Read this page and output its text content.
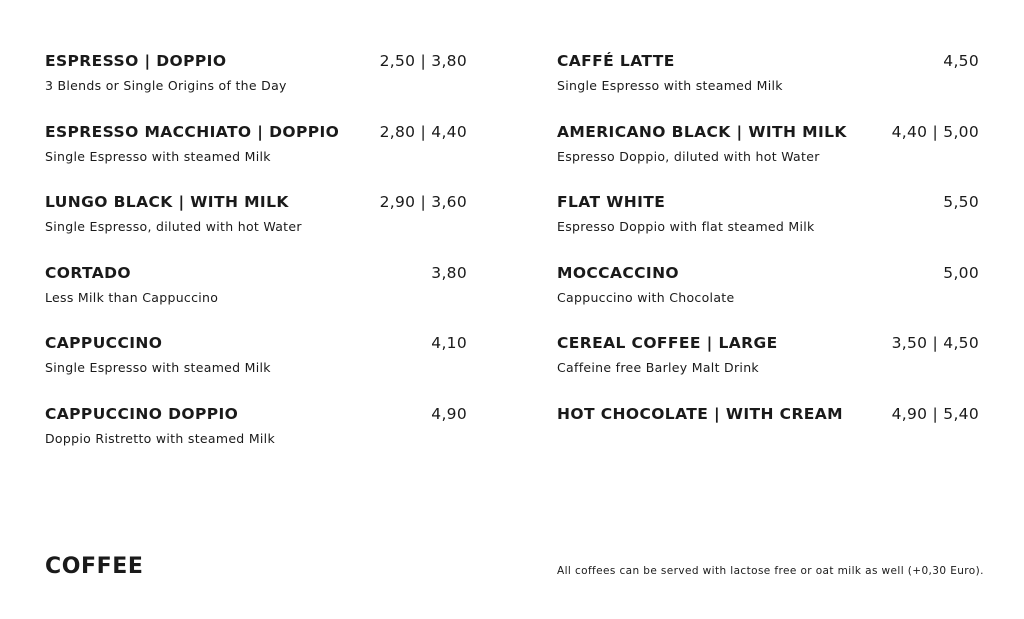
ESPRESSO | DOPPIO	2,50 | 3,80
3 Blends or Single Origins of the Day
ESPRESSO MACCHIATO | DOPPIO	2,80 | 4,40
Single Espresso with steamed Milk
LUNGO BLACK | WITH MILK	2,90 | 3,60
Single Espresso, diluted with hot Water
CORTADO	3,80
Less Milk than Cappuccino
CAPPUCCINO	4,10
Single Espresso with steamed Milk
CAPPUCCINO DOPPIO	4,90
Doppio Ristretto with steamed Milk
CAFFÉ LATTE	4,50
Single Espresso with steamed Milk
AMERICANO BLACK | WITH MILK	4,40 | 5,00
Espresso Doppio, diluted with hot Water
FLAT WHITE	5,50
Espresso Doppio with flat steamed Milk
MOCCACCINO	5,00
Cappuccino with Chocolate
CEREAL COFFEE | LARGE	3,50 | 4,50
Caffeine free Barley Malt Drink
HOT CHOCOLATE | WITH CREAM	4,90 | 5,40
COFFEE	All coffees can be served with lactose free or oat milk as well (+0,30 Euro).
